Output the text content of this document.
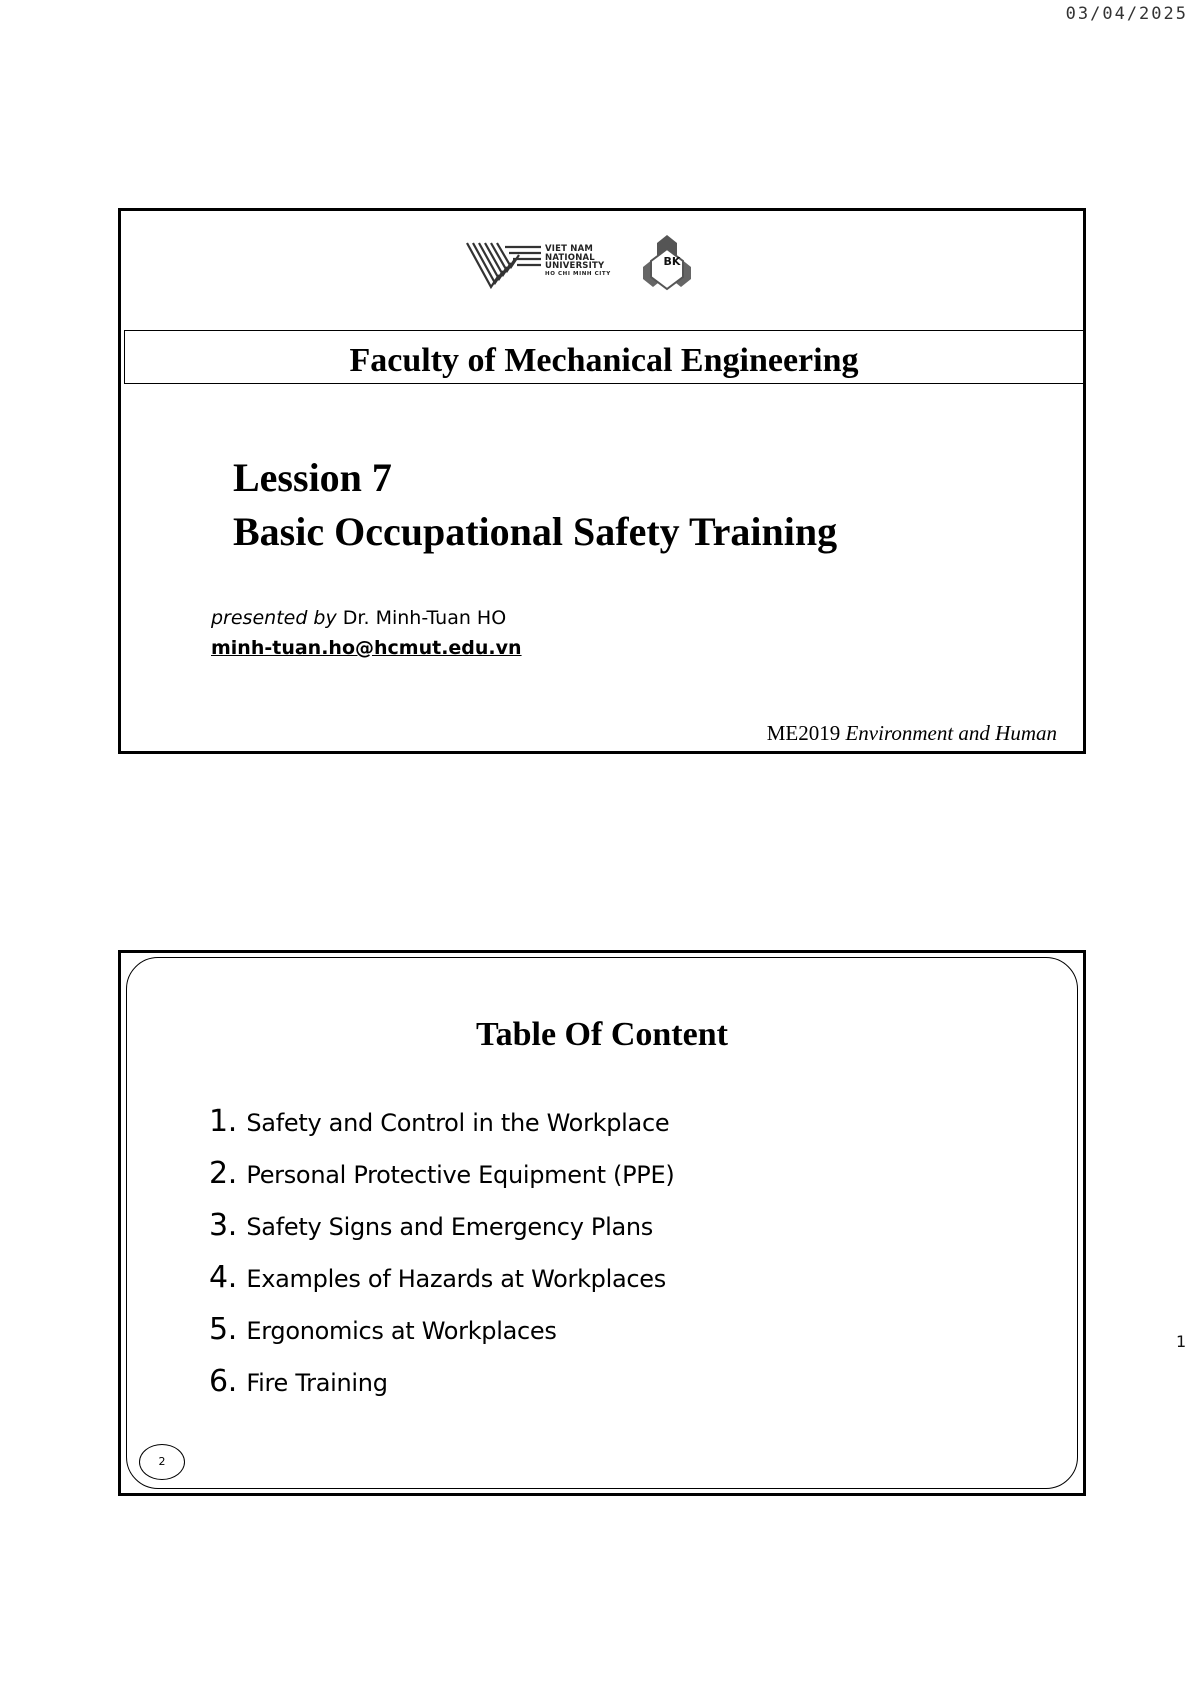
03/04/2025
VIET NAM
NATIONAL
UNIVERSITY
HO CHI MINH CITY
BK
Faculty of Mechanical Engineering
Lession 7
Basic Occupational Safety Training
presented by Dr. Minh-Tuan HO
minh-tuan.ho@hcmut.edu.vn
ME2019 Environment and Human
Table Of Content
1. Safety and Control in the Workplace
2. Personal Protective Equipment (PPE)
3. Safety Signs and Emergency Plans
4. Examples of Hazards at Workplaces
5. Ergonomics at Workplaces
6. Fire Training
2
1
